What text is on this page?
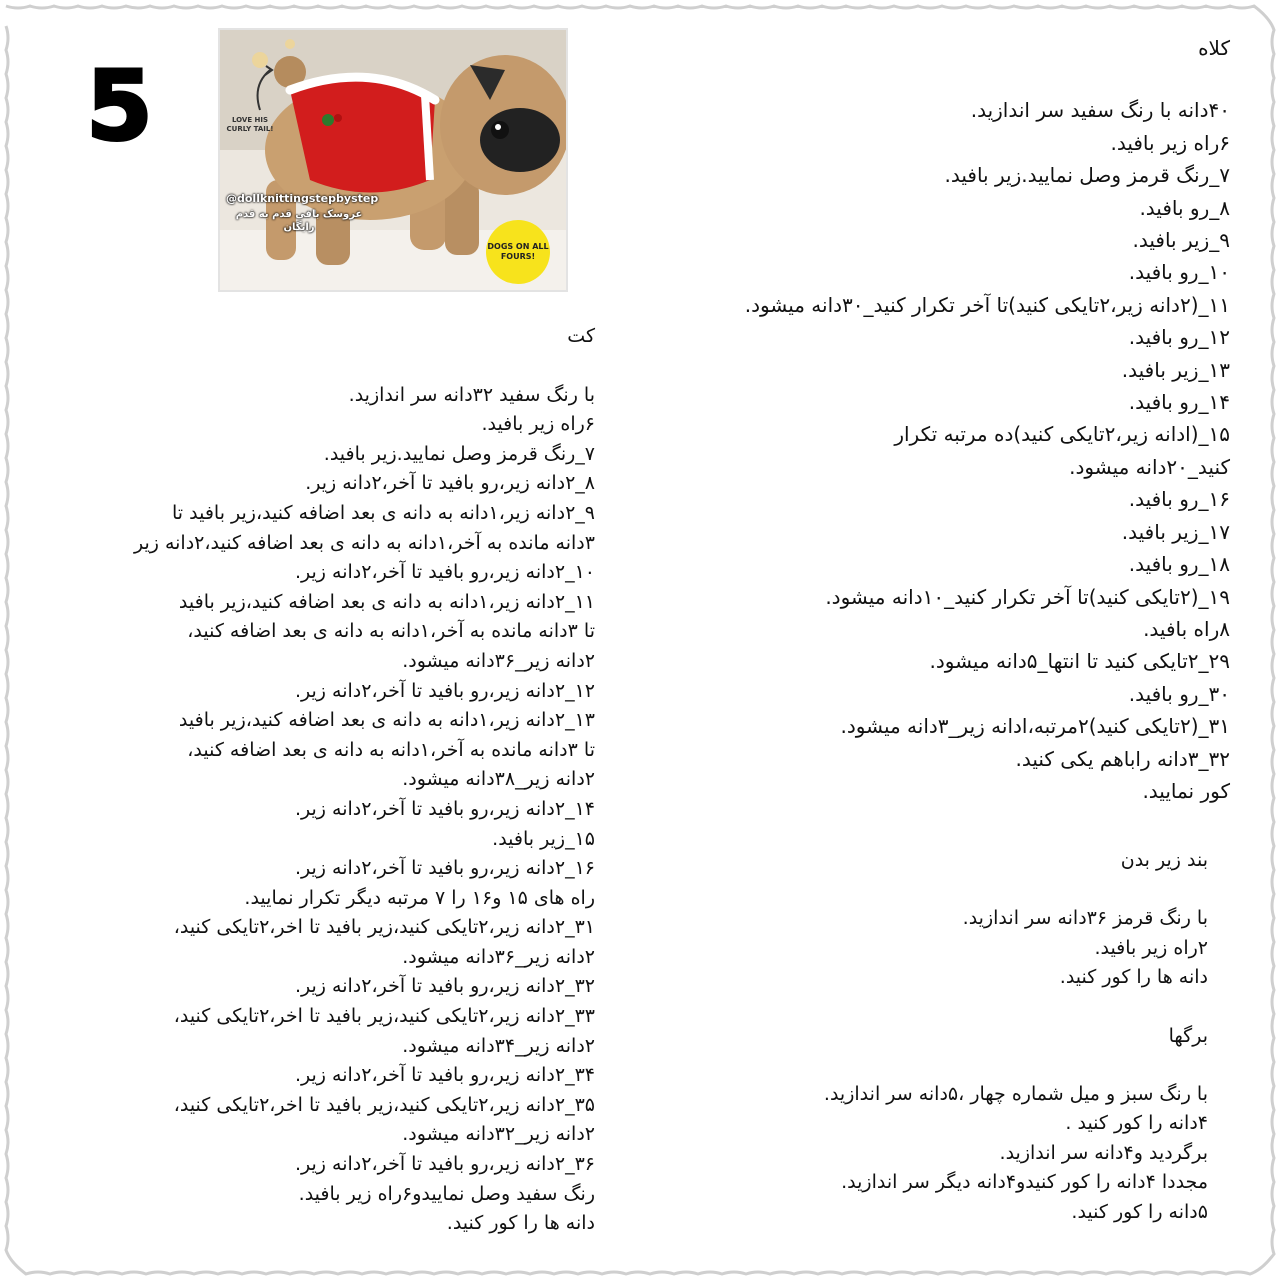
5	LOVE HIS CURLY TAIL!
@dollknittingstepbystep
عروسک بافی قدم به قدم رایگان
DOGS ON ALL FOURS!
کلاه
۴۰دانه با رنگ سفید سر اندازید.
۶راه زیر بافید.
۷_رنگ قرمز وصل نمایید.زیر بافید.
۸_رو بافید.
۹_زیر بافید.
۱۰_رو بافید.
۱۱_(۲دانه زیر،۲تایکی کنید)تا آخر تکرار کنید_۳۰دانه میشود.
۱۲_رو بافید.
۱۳_زیر بافید.
۱۴_رو بافید.
۱۵_(ادانه زیر،۲تایکی کنید)ده مرتبه تکرار
کنید_۲۰دانه میشود.
۱۶_رو بافید.
۱۷_زیر بافید.
۱۸_رو بافید.
۱۹_(۲تایکی کنید)تا آخر تکرار کنید_۱۰دانه میشود.
۸راه بافید.
۲۹_۲تایکی کنید تا انتها_۵دانه میشود.
۳۰_رو بافید.
۳۱_(۲تایکی کنید)۲مرتبه،ادانه زیر_۳دانه میشود.
۳۲_۳دانه راباهم یکی کنید.
کور نمایید.
کت
با رنگ سفید ۳۲دانه سر اندازید.
۶راه زیر بافید.
۷_رنگ قرمز وصل نمایید.زیر بافید.
۸_۲دانه زیر،رو بافید تا آخر،۲دانه زیر.
۹_۲دانه زیر،۱دانه به دانه ی بعد اضافه کنید،زیر بافید تا
۳دانه مانده به آخر،۱دانه به دانه ی بعد اضافه کنید،۲دانه زیر
۱۰_۲دانه زیر،رو بافید تا آخر،۲دانه زیر.
۱۱_۲دانه زیر،۱دانه به دانه ی بعد اضافه کنید،زیر بافید
تا ۳دانه مانده به آخر،۱دانه به دانه ی بعد اضافه کنید،
۲دانه زیر_۳۶دانه میشود.
۱۲_۲دانه زیر،رو بافید تا آخر،۲دانه زیر.
۱۳_۲دانه زیر،۱دانه به دانه ی بعد اضافه کنید،زیر بافید
تا ۳دانه مانده به آخر،۱دانه به دانه ی بعد اضافه کنید،
۲دانه زیر_۳۸دانه میشود.
۱۴_۲دانه زیر،رو بافید تا آخر،۲دانه زیر.
۱۵_زیر بافید.
۱۶_۲دانه زیر،رو بافید تا آخر،۲دانه زیر.
راه های ۱۵ و۱۶ را ۷ مرتبه دیگر تکرار نمایید.
۳۱_۲دانه زیر،۲تایکی کنید،زیر بافید تا اخر،۲تایکی کنید،
۲دانه زیر_۳۶دانه میشود.
۳۲_۲دانه زیر،رو بافید تا آخر،۲دانه زیر.
۳۳_۲دانه زیر،۲تایکی کنید،زیر بافید تا اخر،۲تایکی کنید،
۲دانه زیر_۳۴دانه میشود.
۳۴_۲دانه زیر،رو بافید تا آخر،۲دانه زیر.
۳۵_۲دانه زیر،۲تایکی کنید،زیر بافید تا اخر،۲تایکی کنید،
۲دانه زیر_۳۲دانه میشود.
۳۶_۲دانه زیر،رو بافید تا آخر،۲دانه زیر.
رنگ سفید وصل نماییدو۶راه زیر بافید.
دانه ها را کور کنید.
بند زیر بدن
با رنگ قرمز ۳۶دانه سر اندازید.
۲راه زیر بافید.
دانه ها را کور کنید.
برگها
با رنگ سبز و میل شماره چهار ،۵دانه سر اندازید.
۴دانه را کور کنید .
برگردید و۴دانه سر اندازید.
مجددا ۴دانه را کور کنیدو۴دانه دیگر سر اندازید.
۵دانه را کور کنید.
